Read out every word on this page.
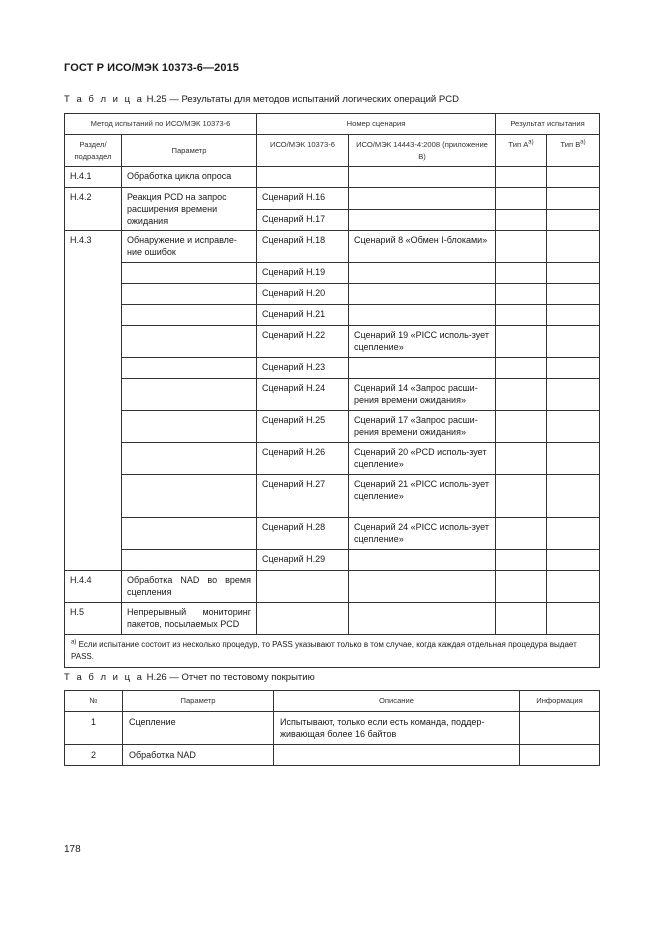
ГОСТ Р ИСО/МЭК 10373-6—2015
Т а б л и ц а Н.25 — Результаты для методов испытаний логических операций PCD
Метод испытаний по ИСО/МЭК 10373-6		Номер сценария		Результат испытания	
Раздел/ подраздел	Параметр	ИСО/МЭК 10373-6	ИСО/МЭК 14443-4:2008 (приложение В)	Тип $А^{а)}$	Тип $В^{а)}$
H.4.1	Обработка цикла опроса				
H.4.2	Реакция PCD на запрос расширения времени ожидания	Сценарий H.16			
		Сценарий H.17			
H.4.3	Обнаружение и исправле-ние ошибок	Сценарий H.18	Сценарий 8 «Обмен I-блоками»		
		Сценарий H.19			
		Сценарий H.20			
		Сценарий H.21			
		Сценарий H.22	Сценарий 19 «PICC исполь-зует сцепление»		
		Сценарий H.23			
		Сценарий H.24	Сценарий 14 «Запрос расши-рения времени ожидания»		
		Сценарий H.25	Сценарий 17 «Запрос расши-рения времени ожидания»		
		Сценарий H.26	Сценарий 20 «PCD исполь-зует сцепление»		
		Сценарий H.27	Сценарий 21 «PICC исполь-зует сцепление»		
		Сценарий H.28	Сценарий 24 «PICC исполь-зует сцепление»		
		Сценарий H.29			
H.4.4	Обработка NAD во время сцепления				
H.5	Непрерывный мониторинг пакетов, посылаемых PCD				
$^{а)}$ Если испытание состоит из несколько процедур, то PASS указывают только в том случае, когда каждая отдельная процедура выдает PASS.					
Т а б л и ц а Н.26 — Отчет по тестовому покрытию
№	Параметр	Описание	Информация
1	Сцепление	Испытывают, только если есть команда, поддер-живающая более 16 байтов	
2	Обработка NAD		
178
